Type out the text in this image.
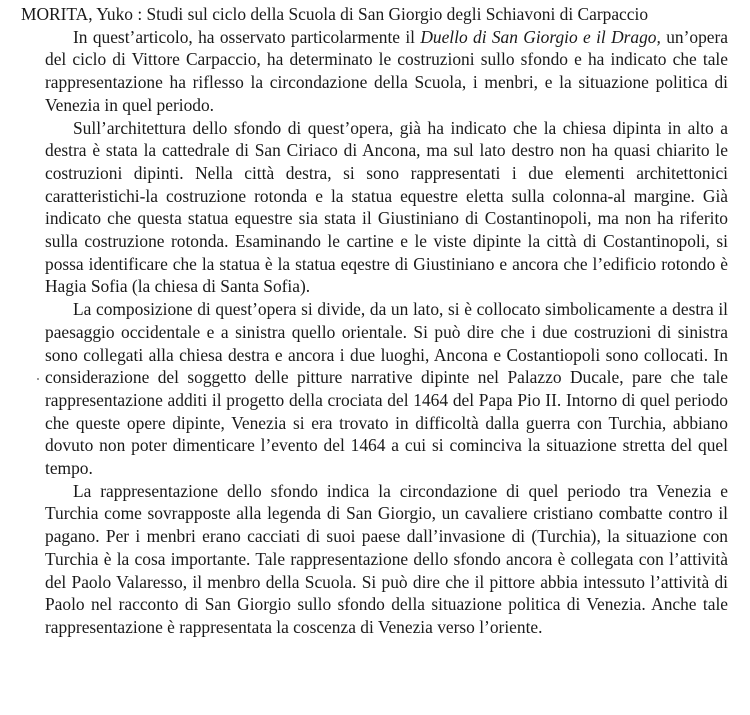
MORITA, Yuko : Studi sul ciclo della Scuola di San Giorgio degli Schiavoni di Carpaccio

In quest’articolo, ha osservato particolarmente il Duello di San Giorgio e il Drago, un’opera del ciclo di Vittore Carpaccio, ha determinato le costruzioni sullo sfondo e ha indicato che tale rappresentazione ha riflesso la circondazione della Scuola, i menbri, e la situazione politica di Venezia in quel periodo.

Sull’architettura dello sfondo di quest’opera, già ha indicato che la chiesa dipinta in alto a destra è stata la cattedrale di San Ciriaco di Ancona, ma sul lato destro non ha quasi chiarito le costruzioni dipinti. Nella città destra, si sono rappresentati i due elementi architettonici caratteristichi-la costruzione rotonda e la statua equestre eletta sulla colonna-al margine. Già indicato che questa statua equestre sia stata il Giustiniano di Costantinopoli, ma non ha riferito sulla costruzione rotonda. Esaminando le cartine e le viste dipinte la città di Costantinopoli, si possa identificare che la statua è la statua eqestre di Giustiniano e ancora che l’edificio rotondo è Hagia Sofia (la chiesa di Santa Sofia).

La composizione di quest’opera si divide, da un lato, si è collocato simbolicamente a destra il paesaggio occidentale e a sinistra quello orientale. Si può dire che i due costruzioni di sinistra sono collegati alla chiesa destra e ancora i due luoghi, Ancona e Costantiopoli sono collocati. In considerazione del soggetto delle pitture narrative dipinte nel Palazzo Ducale, pare che tale rappresentazione additi il progetto della crociata del 1464 del Papa Pio II. Intorno di quel periodo che queste opere dipinte, Venezia si era trovato in difficoltà dalla guerra con Turchia, abbiano dovuto non poter dimenticare l’evento del 1464 a cui si cominciva la situazione stretta del quel tempo.

La rappresentazione dello sfondo indica la circondazione di quel periodo tra Venezia e Turchia come sovrapposte alla legenda di San Giorgio, un cavaliere cristiano combatte contro il pagano. Per i menbri erano cacciati di suoi paese dall’invasione di (Turchia), la situazione con Turchia è la cosa importante. Tale rappresentazione dello sfondo ancora è collegata con l’attività del Paolo Valaresso, il menbro della Scuola. Si può dire che il pittore abbia intessuto l’attività di Paolo nel racconto di San Giorgio sullo sfondo della situazione politica di Venezia. Anche tale rappresentazione è rappresentata la coscenza di Venezia verso l’oriente.
